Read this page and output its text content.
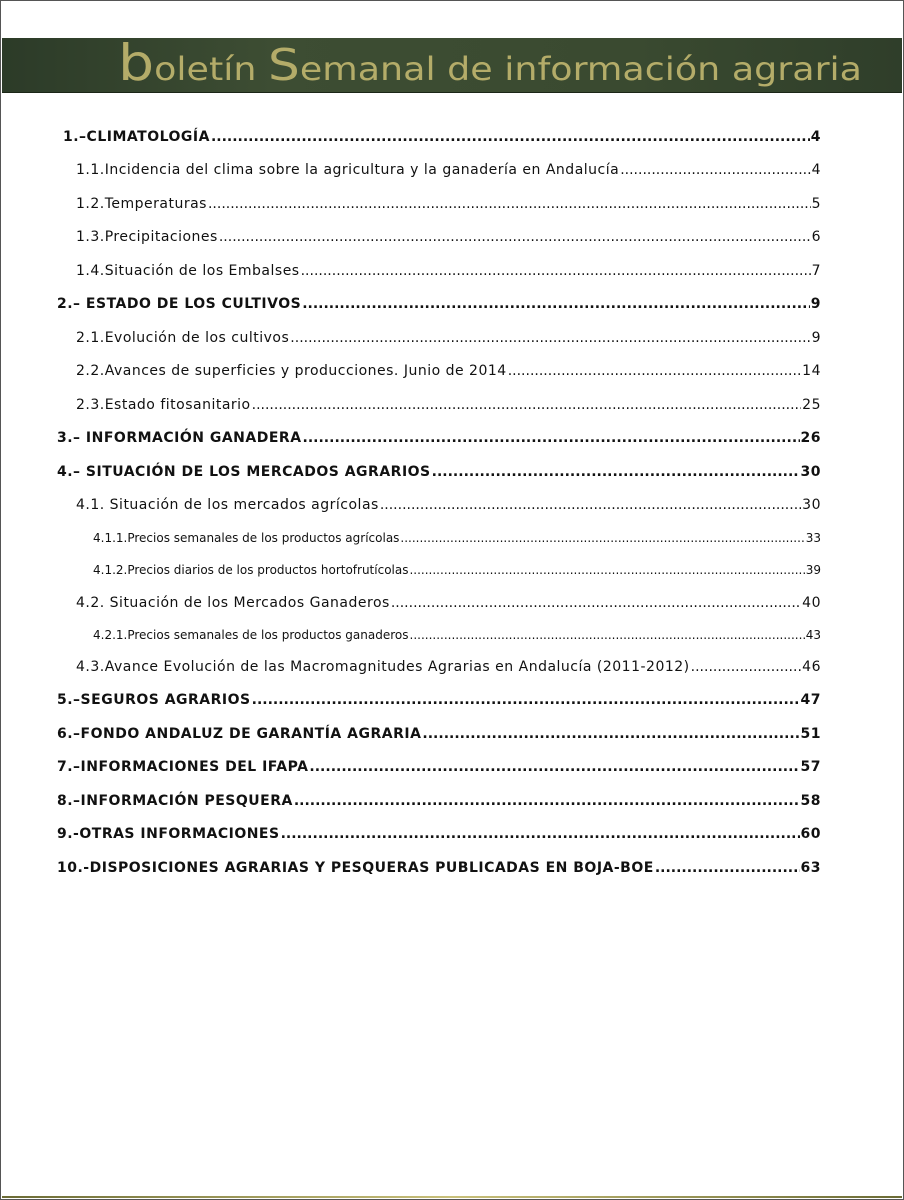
boletín S emanal de información agraria
1.–CLIMATOLOGÍA .....	4
1.1.Incidencia del clima sobre la agricultura y la ganadería en Andalucía .....	4
1.2.Temperaturas .....	5
1.3.Precipitaciones .....	6
1.4.Situación de los Embalses .....	7
2.– ESTADO DE LOS CULTIVOS .....	9
2.1.Evolución de los cultivos .....	9
2.2.Avances de superficies y producciones. Junio de 2014 .....	14
2.3.Estado fitosanitario .....	25
3.– INFORMACIÓN GANADERA .....	26
4.– SITUACIÓN DE LOS MERCADOS AGRARIOS .....	30
4.1. Situación de los mercados agrícolas .....	30
4.1.1.Precios semanales de los productos agrícolas .....	33
4.1.2.Precios diarios de los productos hortofrutícolas .....	39
4.2. Situación de los Mercados Ganaderos .....	40
4.2.1.Precios semanales de los productos ganaderos .....	43
4.3.Avance Evolución de las Macromagnitudes Agrarias en Andalucía (2011-2012) .....	46
5.–SEGUROS AGRARIOS .....	47
6.–FONDO ANDALUZ DE GARANTÍA AGRARIA .....	51
7.–INFORMACIONES DEL IFAPA .....	57
8.–INFORMACIÓN PESQUERA .....	58
9.-OTRAS INFORMACIONES .....	60
10.-DISPOSICIONES AGRARIAS Y PESQUERAS PUBLICADAS EN BOJA-BOE .....	63
